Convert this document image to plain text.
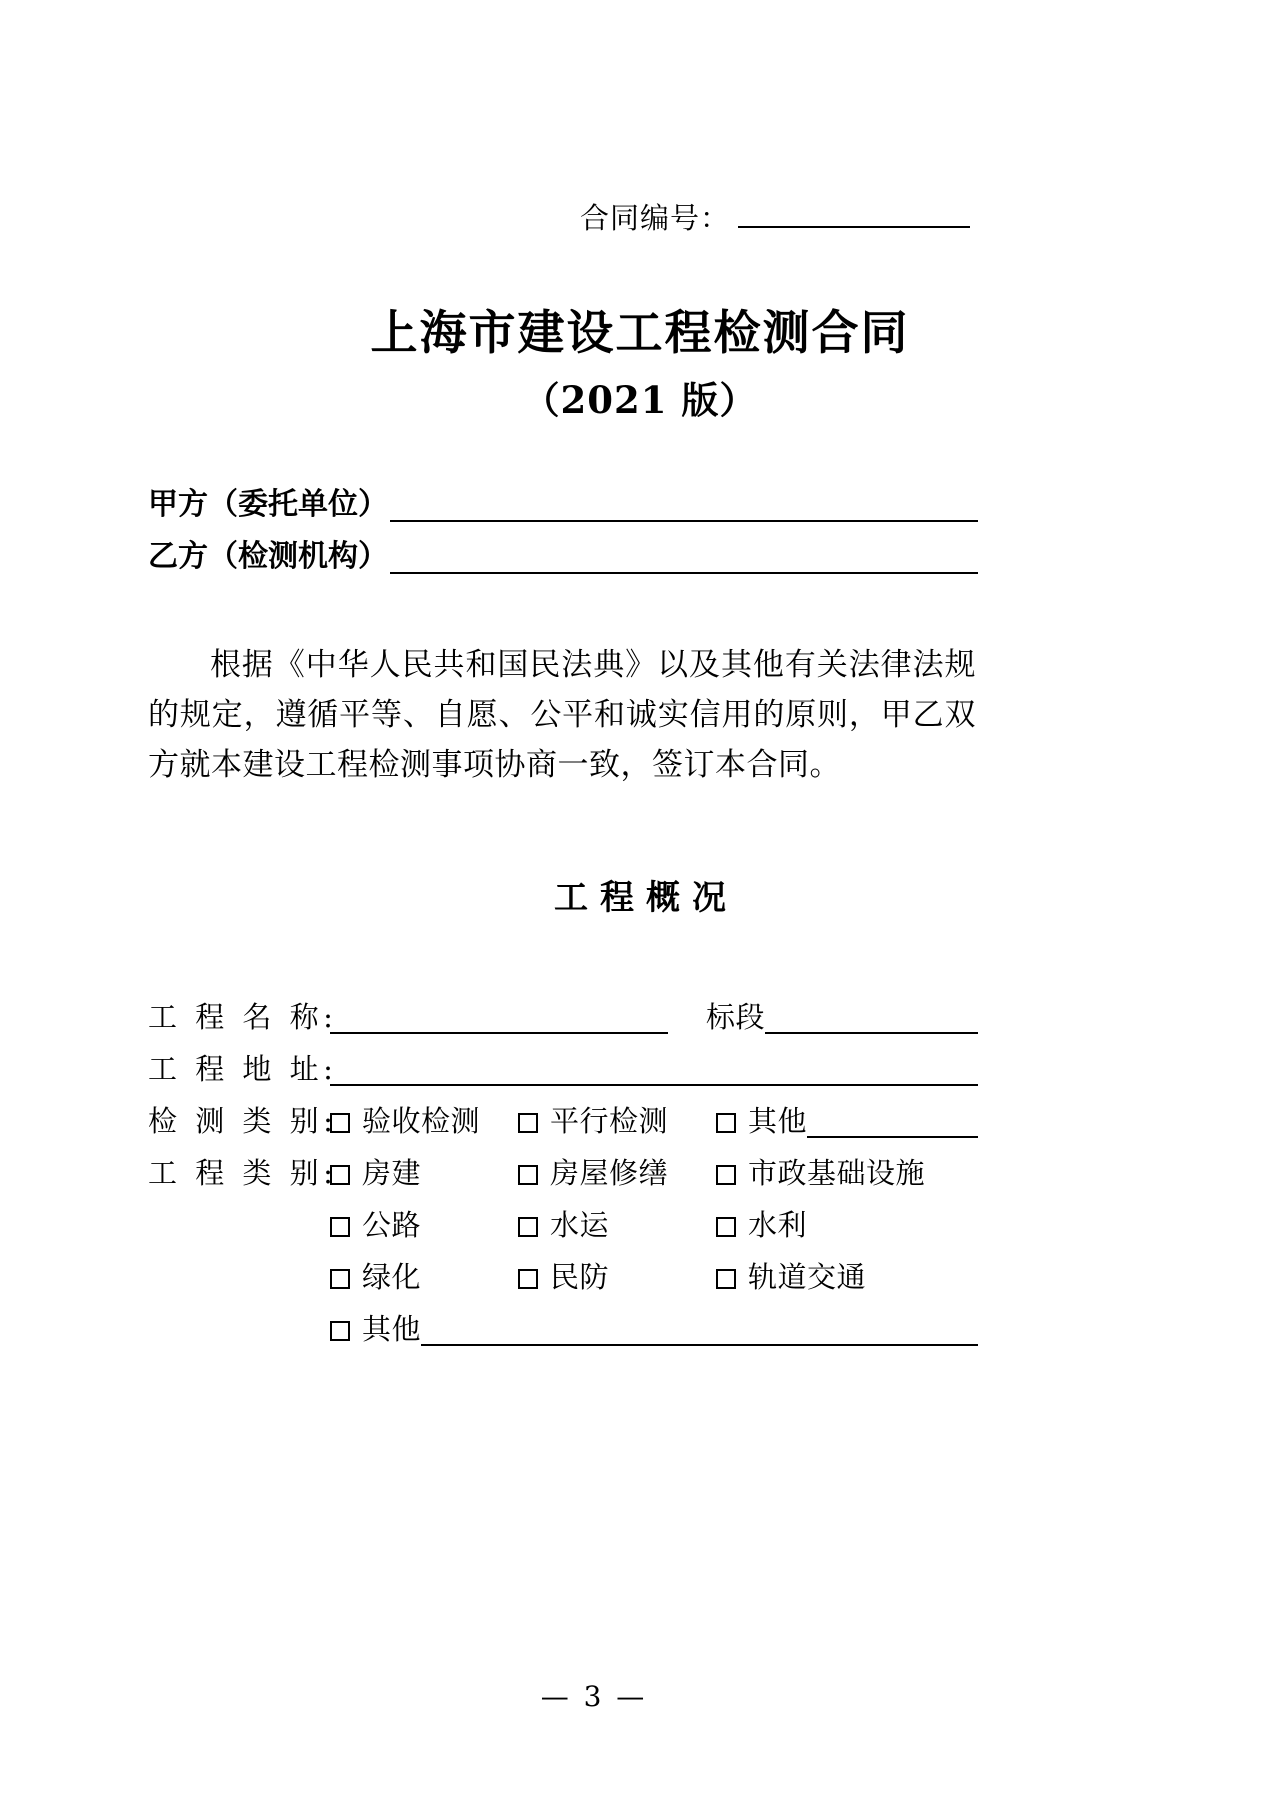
合同编号：
上海市建设工程检测合同
（2021 版）
甲方（委托单位）
乙方（检测机构）
根据《中华人民共和国民法典》以及其他有关法律法规的规定，遵循平等、自愿、公平和诚实信用的原则，甲乙双方就本建设工程检测事项协商一致，签订本合同。
工程概况
工 程 名 称:	标段
工 程 地 址:
检 测 类 别: 验收检测 平行检测	其他
工 程 类 别: 房建	房屋修缮	市政基础设施
公路	水运	水利
绿化	民防	轨道交通
其他
— 3 —
